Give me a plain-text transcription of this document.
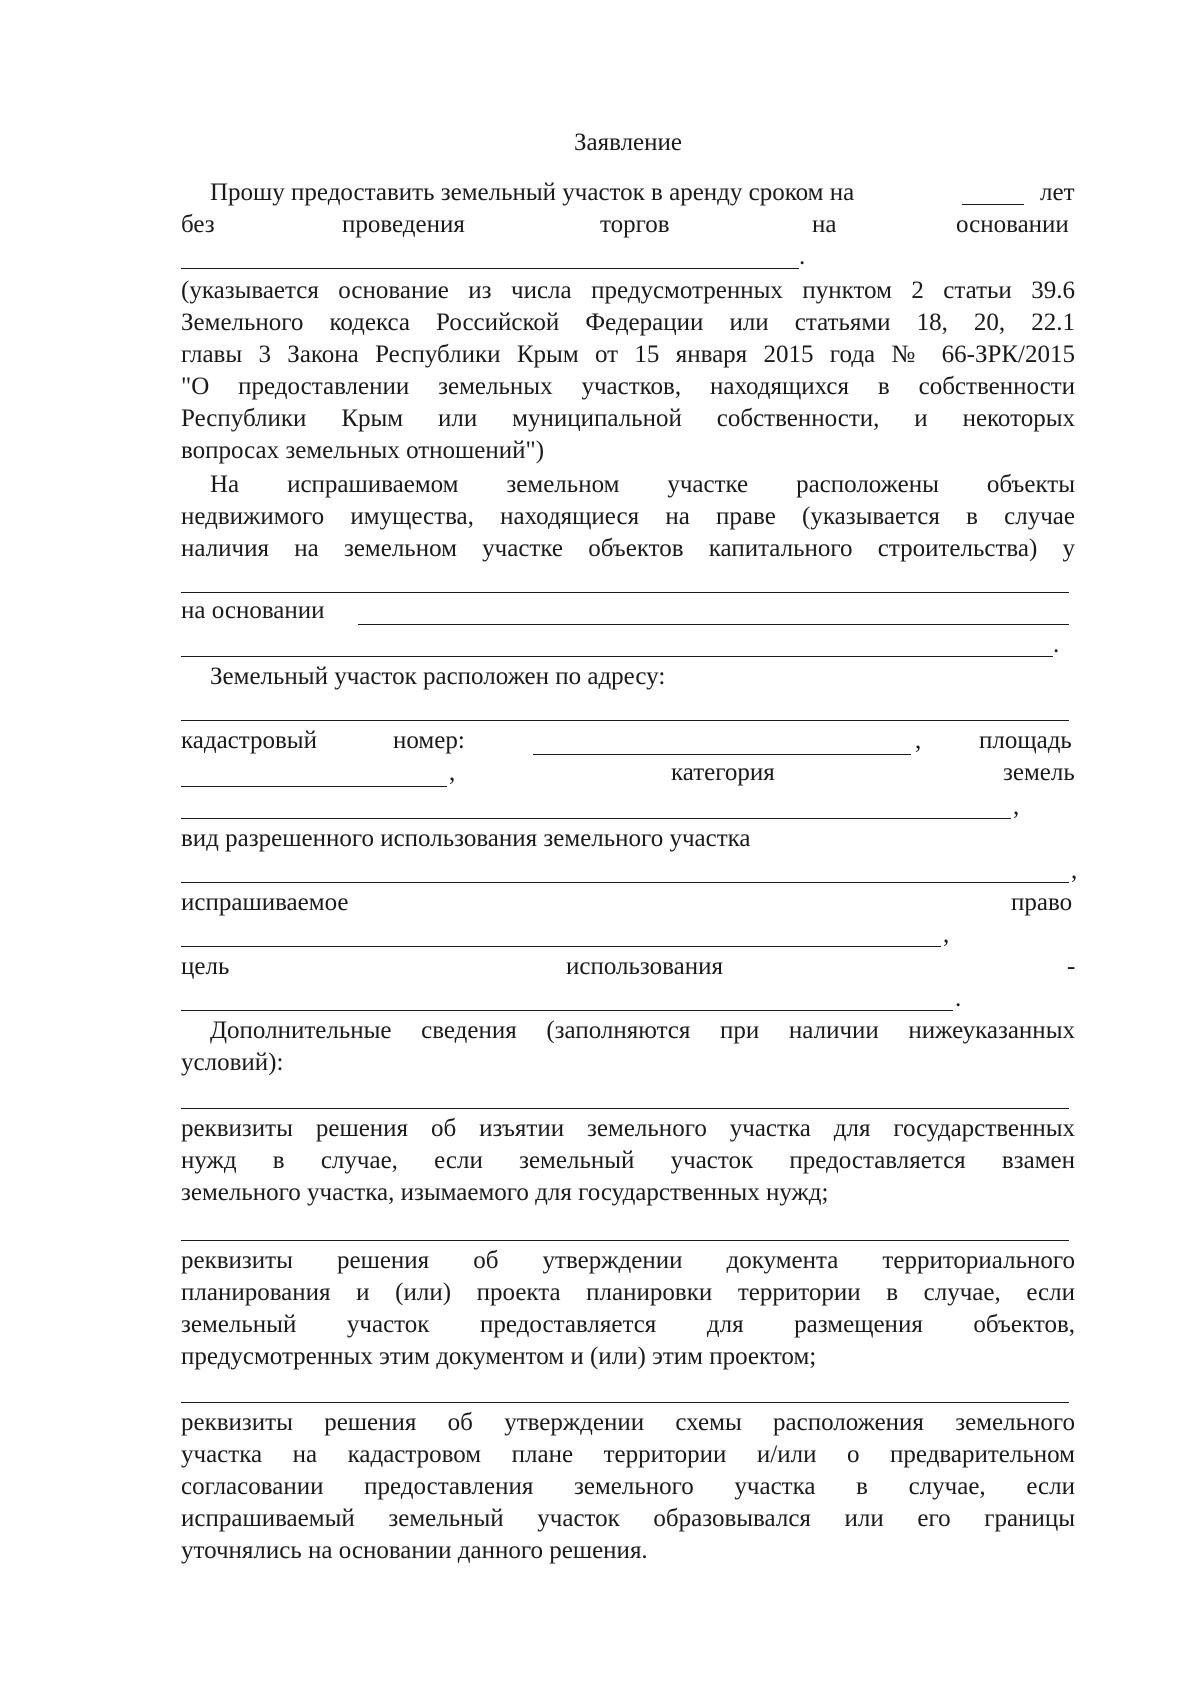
Заявление
Прошу предоставить земельный участок в аренду сроком на	лет
без	проведения	торгов	на	основании
.
(указывается основание из числа предусмотренных пунктом 2 статьи 39.6
Земельного кодекса Российской Федерации или статьями 18, 20, 22.1
главы 3 Закона Республики Крым от 15 января 2015 года № 66-ЗРК/2015
"О предоставлении земельных участков, находящихся в собственности
Республики Крым или муниципальной собственности, и некоторых
вопросах земельных отношений")
На испрашиваемом земельном участке расположены объекты
недвижимого имущества, находящиеся на праве (указывается в случае
наличия на земельном участке объектов капитального строительства) у
на основании
.
Земельный участок расположен по адресу:
кадастровый	номер:	, площадь
,	категория	земель
,
вид разрешенного использования земельного участка
,
испрашиваемое	право
,
цель	использования	-
.
Дополнительные сведения (заполняются при наличии нижеуказанных
условий):
реквизиты решения об изъятии земельного участка для государственных
нужд в случае, если земельный участок предоставляется взамен
земельного участка, изымаемого для государственных нужд;
реквизиты решения об утверждении документа территориального
планирования и (или) проекта планировки территории в случае, если
земельный участок предоставляется для размещения объектов,
предусмотренных этим документом и (или) этим проектом;
реквизиты решения об утверждении схемы расположения земельного
участка на кадастровом плане территории и/или о предварительном
согласовании предоставления земельного участка в случае, если
испрашиваемый земельный участок образовывался или его границы
уточнялись на основании данного решения.
